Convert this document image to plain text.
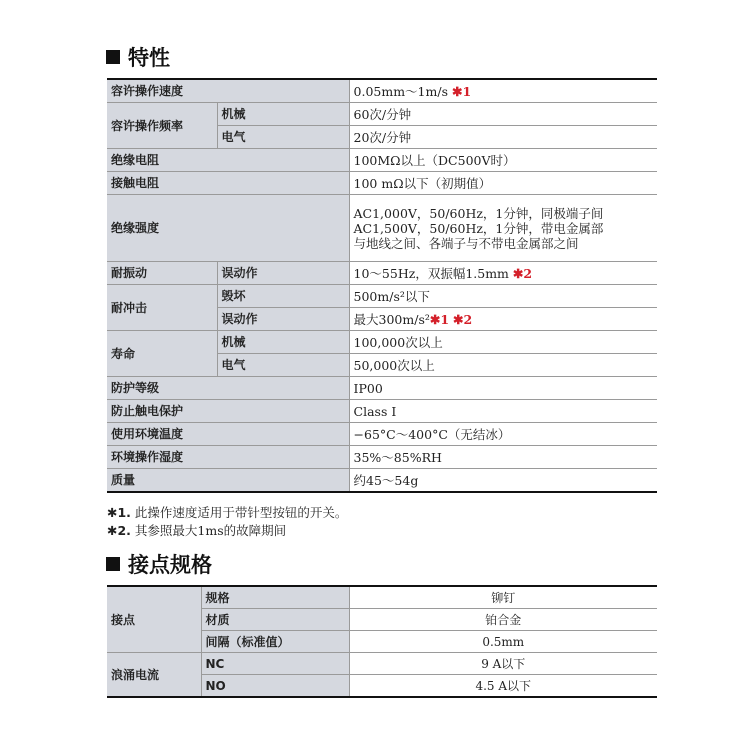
特性
容许操作速度		0.05mm～1m/s ✱1
容许操作频率	机械	60次/分钟
	电气	20次/分钟
绝缘电阻		100MΩ以上（DC500V时）
接触电阻		100 mΩ以下（初期值）
绝缘强度		AC1,000V，50/60Hz，1分钟，同极端子间
AC1,500V，50/60Hz，1分钟，带电金属部
与地线之间、各端子与不带电金属部之间

耐振动	误动作	10～55Hz，双振幅1.5mm ✱2
耐冲击	毁坏	500m/s²以下
	误动作	最大300m/s²✱1 ✱2
寿命	机械	100,000次以上
	电气	50,000次以上
防护等级		IP00
防止触电保护		Class I
使用环境温度		−65°C～400°C（无结冰）
环境操作湿度		35%～85%RH
质量		约45～54g
✱1. 此操作速度适用于带针型按钮的开关。
✱2. 其参照最大1ms的故障期间
接点规格
接点	规格	铆钉
	材质	铂合金
	间隔（标准值）	0.5mm
浪涌电流	NC	9 A以下
	NO	4.5 A以下
